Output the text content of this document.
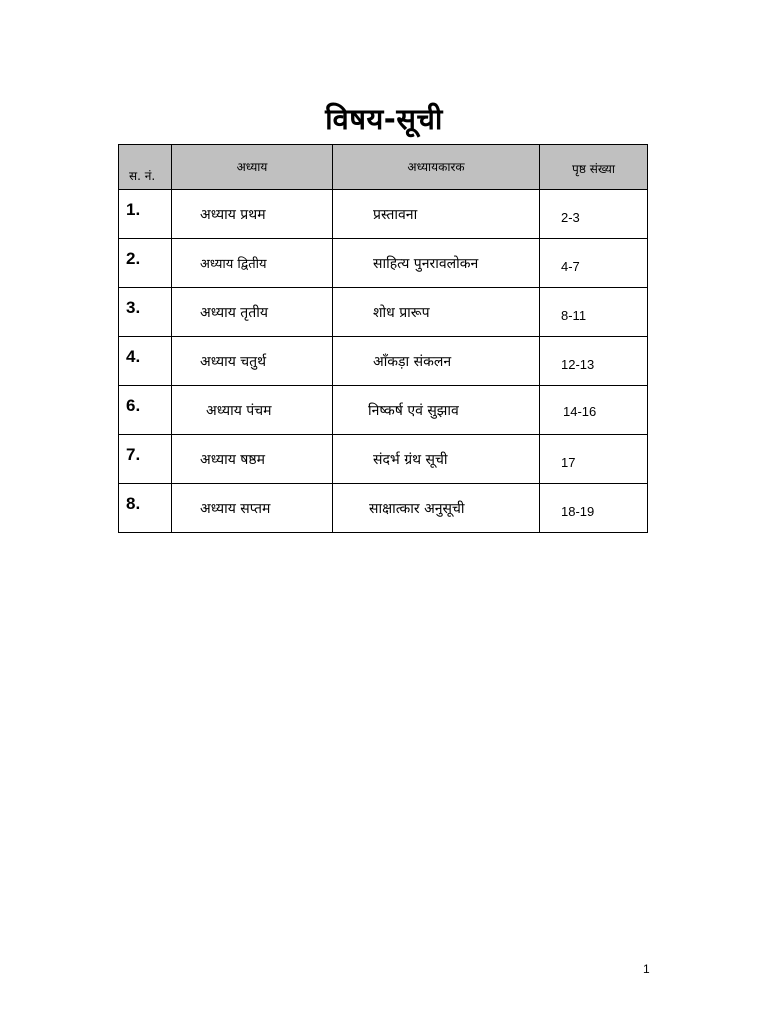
विषय-सूची
स. नं.	अध्याय	अध्यायकारक	पृष्ठ संख्या

1.	अध्याय प्रथम	प्रस्तावना	2-3

2.	अध्याय द्वितीय	साहित्य पुनरावलोकन	4-7

3.	अध्याय तृतीय	शोध प्रारूप	8-11

4.	अध्याय चतुर्थ	आँकड़ा संकलन	12-13

6.	अध्याय पंचम	निष्कर्ष एवं सुझाव	14-16

7.	अध्याय षष्ठम	संदर्भ ग्रंथ सूची	17

8.	अध्याय सप्तम	साक्षात्कार अनुसूची	18-19
1
